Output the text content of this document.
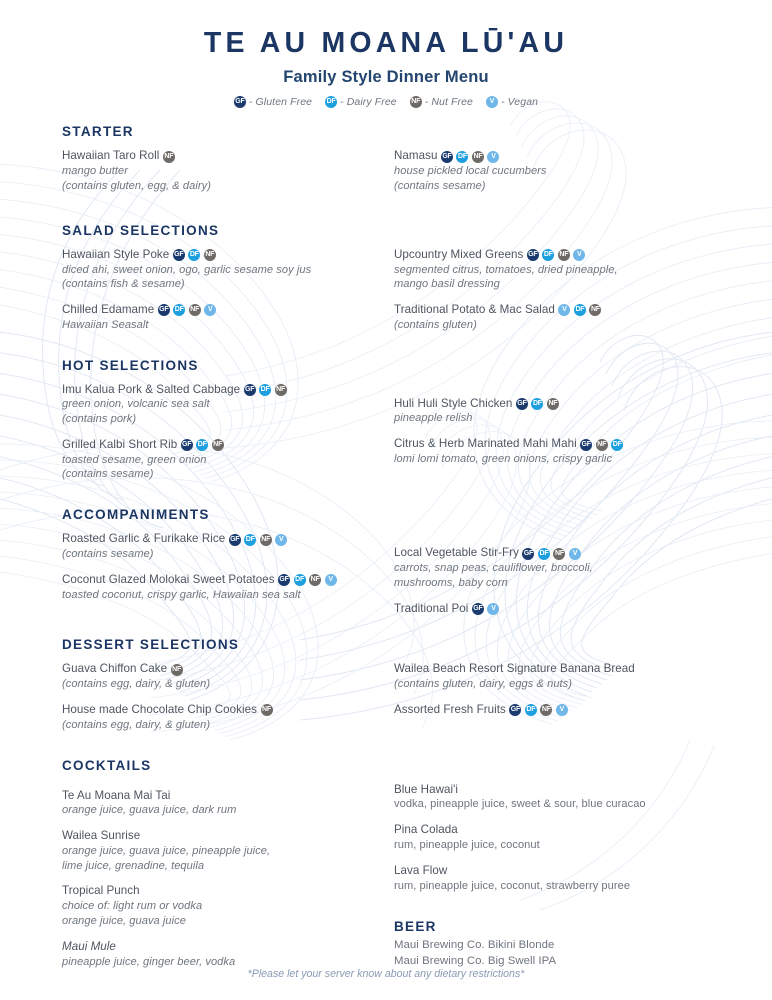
TE AU MOANA LŪ'AU
Family Style Dinner Menu
GF - Gluten Free DF - Dairy Free NF - Nut Free	V - Vegan
STARTER
Hawaiian Taro Roll NF
mango butter
(contains gluten, egg, & dairy)
Namasu GF DF NF	V
house pickled local cucumbers
(contains sesame)
SALAD SELECTIONS
Hawaiian Style Poke GF DF NF
diced ahi, sweet onion, ogo, garlic sesame soy jus
(contains fish & sesame)
Chilled Edamame GF DF NF	V
Hawaiian Seasalt
Upcountry Mixed Greens GF DF NF	V
segmented citrus, tomatoes, dried pineapple,
mango basil dressing
Traditional Potato & Mac Salad	V	DF NF
(contains gluten)
HOT SELECTIONS
Imu Kalua Pork & Salted Cabbage GF DF NF
green onion, volcanic sea salt
(contains pork)
Grilled Kalbi Short Rib GF DF NF
toasted sesame, green onion
(contains sesame)
Huli Huli Style Chicken GF DF NF
pineapple relish
Citrus & Herb Marinated Mahi Mahi GF NF DF
lomi lomi tomato, green onions, crispy garlic
ACCOMPANIMENTS
Roasted Garlic & Furikake Rice GF DF NF	V
(contains sesame)
Coconut Glazed Molokai Sweet Potatoes GF DF NF	V
toasted coconut, crispy garlic, Hawaiian sea salt
Local Vegetable Stir-Fry GF DF NF	V
carrots, snap peas, cauliflower, broccoli,
mushrooms, baby corn
Traditional Poi GF	V
DESSERT SELECTIONS
Guava Chiffon Cake NF
(contains egg, dairy, & gluten)
House made Chocolate Chip Cookies NF
(contains egg, dairy, & gluten)
Wailea Beach Resort Signature Banana Bread
(contains gluten, dairy, eggs & nuts)
Assorted Fresh Fruits GF DF NF	V
COCKTAILS
Te Au Moana Mai Tai
orange juice, guava juice, dark rum
Wailea Sunrise
orange juice, guava juice, pineapple juice,
lime juice, grenadine, tequila
Tropical Punch
choice of: light rum or vodka
orange juice, guava juice
Maui Mule
pineapple juice, ginger beer, vodka
Blue Hawai'i
vodka, pineapple juice, sweet & sour, blue curacao
Pina Colada
rum, pineapple juice, coconut
Lava Flow
rum, pineapple juice, coconut, strawberry puree
BEER
Maui Brewing Co. Bikini Blonde
Maui Brewing Co. Big Swell IPA
*Please let your server know about any dietary restrictions*
